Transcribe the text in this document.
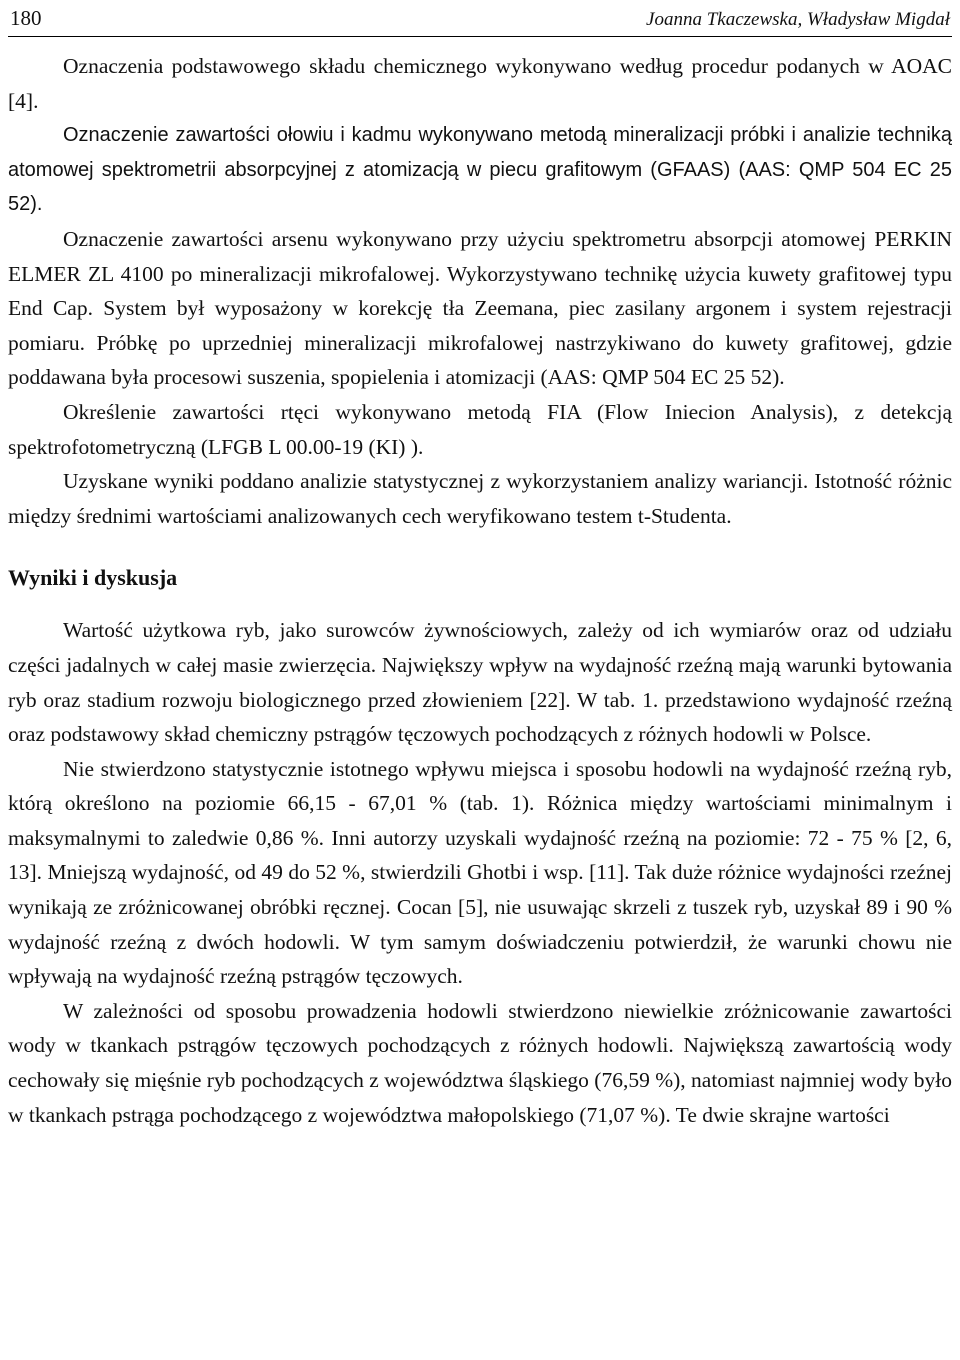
180	Joanna Tkaczewska, Władysław Migdał

Oznaczenia podstawowego składu chemicznego wykonywano według procedur podanych w AOAC [4].

Oznaczenie zawartości ołowiu i kadmu wykonywano metodą mineralizacji próbki i analizie techniką atomowej spektrometrii absorpcyjnej z atomizacją w piecu grafitowym (GFAAS) (AAS: QMP 504 EC 25 52).

Oznaczenie zawartości arsenu wykonywano przy użyciu spektrometru absorpcji atomowej PERKIN ELMER ZL 4100 po mineralizacji mikrofalowej. Wykorzystywano technikę użycia kuwety grafitowej typu End Cap. System był wyposażony w korekcję tła Zeemana, piec zasilany argonem i system rejestracji pomiaru. Próbkę po uprzedniej mineralizacji mikrofalowej nastrzykiwano do kuwety grafitowej, gdzie poddawana była procesowi suszenia, spopielenia i atomizacji (AAS: QMP 504 EC 25 52).

Określenie zawartości rtęci wykonywano metodą FIA (Flow Iniecion Analysis), z detekcją spektrofotometryczną (LFGB L 00.00-19 (KI) ).

Uzyskane wyniki poddano analizie statystycznej z wykorzystaniem analizy wariancji. Istotność różnic między średnimi wartościami analizowanych cech weryfikowano testem t-Studenta.

Wyniki i dyskusja

Wartość użytkowa ryb, jako surowców żywnościowych, zależy od ich wymiarów oraz od udziału części jadalnych w całej masie zwierzęcia. Największy wpływ na wydajność rzeźną mają warunki bytowania ryb oraz stadium rozwoju biologicznego przed złowieniem [22]. W tab. 1. przedstawiono wydajność rzeźną oraz podstawowy skład chemiczny pstrągów tęczowych pochodzących z różnych hodowli w Polsce.

Nie stwierdzono statystycznie istotnego wpływu miejsca i sposobu hodowli na wydajność rzeźną ryb, którą określono na poziomie 66,15 - 67,01 % (tab. 1). Różnica między wartościami minimalnym i maksymalnymi to zaledwie 0,86 %. Inni autorzy uzyskali wydajność rzeźną na poziomie: 72 - 75 % [2, 6, 13]. Mniejszą wydajność, od 49 do 52 %, stwierdzili Ghotbi i wsp. [11]. Tak duże różnice wydajności rzeźnej wynikają ze zróżnicowanej obróbki ręcznej. Cocan [5], nie usuwając skrzeli z tuszek ryb, uzyskał 89 i 90 % wydajność rzeźną z dwóch hodowli. W tym samym doświadczeniu potwierdził, że warunki chowu nie wpływają na wydajność rzeźną pstrągów tęczowych.

W zależności od sposobu prowadzenia hodowli stwierdzono niewielkie zróżnicowanie zawartości wody w tkankach pstrągów tęczowych pochodzących z różnych hodowli. Największą zawartością wody cechowały się mięśnie ryb pochodzących z województwa śląskiego (76,59 %), natomiast najmniej wody było w tkankach pstrąga pochodzącego z województwa małopolskiego (71,07 %). Te dwie skrajne wartości
